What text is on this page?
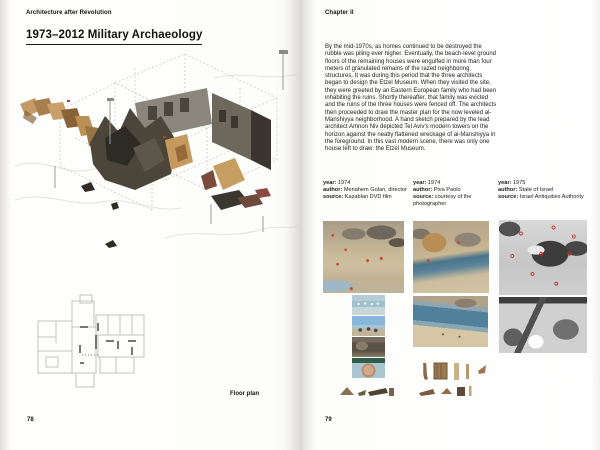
Architecture after Revolution
1973–2012 Military Archaeology
Floor plan
78
Chapter II
By the mid-1970s, as homes continued to be destroyed the rubble was piling ever higher. Eventually, the beach-level ground floors of the remaining houses were engulfed in more than four meters of granulated remains of the razed neighboring structures. It was during this period that the three architects began to design the Etzel Museum. When they visited the site, they were greeted by an Eastern European family who had been inhabiting the ruins. Shortly thereafter, that family was evicted and the ruins of the three houses were fenced off. The architects then proceeded to draw the master plan for the now leveled al-Manshiyya neighborhood. A hand sketch prepared by the lead architect Amnon Niv depicted Tel Aviv's modern towers on the horizon against the neatly flattened wreckage of al-Manshiyya in the foreground. In this vast modern scene, there was only one house left to draw: the Etzel Museum.
year: 1974
author: Menahem Golan, director
source: Kazablan DVD film
year: 1974
author: Piva Paolo
source: courtesy of the photographer
year: 1975
author: State of Israel
source: Israel Antiquities Authority
79
